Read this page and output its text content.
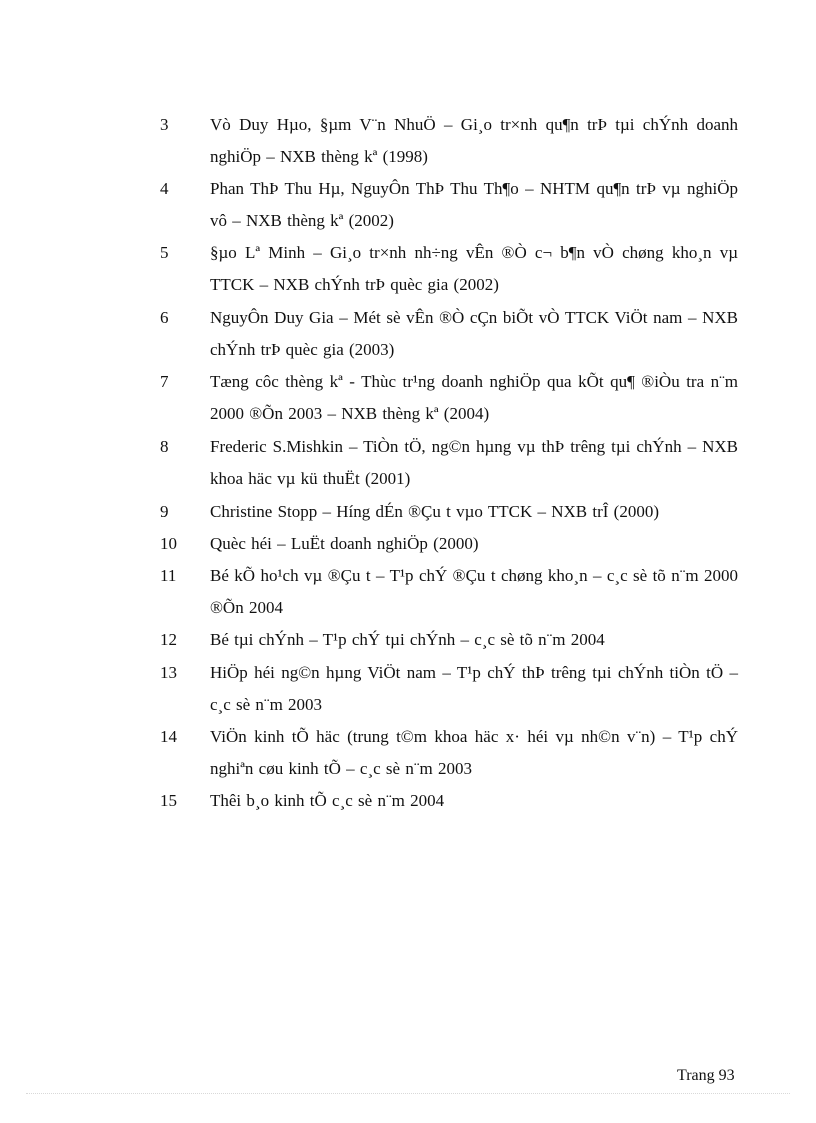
3 Vò Duy Hµo, §µm V¨n NhuÖ – Gi¸o tr×nh qu¶n trÞ tµi chÝnh doanh nghiÖp – NXB thèng kª (1998)
4 Phan ThÞ Thu Hµ, NguyÔn ThÞ Thu Th¶o – NHTM qu¶n trÞ vµ nghiÖp vô – NXB thèng kª (2002)
5 §µo Lª Minh – Gi¸o tr×nh nh÷ng vÊn ®Ò c¬ b¶n vÒ chøng kho¸n vµ TTCK – NXB chÝnh trÞ quèc gia (2002)
6 NguyÔn Duy Gia – Mét sè vÊn ®Ò cÇn biÕt vÒ TTCK ViÖt nam – NXB chÝnh trÞ quèc gia (2003)
7 Tæng côc thèng kª - Thùc tr¹ng doanh nghiÖp qua kÕt qu¶ ®iÒu tra n¨m 2000 ®Õn 2003 – NXB thèng kª (2004)
8 Frederic S.Mishkin – TiÒn tÖ, ng©n hµng vµ thÞ trêng tµi chÝnh – NXB khoa häc vµ kü thuËt (2001)
9 Christine Stopp – Híng dÉn ®Çu t vµo TTCK – NXB trÎ (2000)
10 Quèc héi – LuËt doanh nghiÖp (2000)
11 Bé kÕ ho¹ch vµ ®Çu t – T¹p chÝ ®Çu t chøng kho¸n – c¸c sè tõ n¨m 2000 ®Õn 2004
12 Bé tµi chÝnh – T¹p chÝ tµi chÝnh – c¸c sè tõ n¨m 2004
13 HiÖp héi ng©n hµng ViÖt nam – T¹p chÝ thÞ trêng tµi chÝnh tiÒn tÖ – c¸c sè n¨m 2003
14 ViÖn kinh tÕ häc (trung t©m khoa häc x· héi vµ nh©n v¨n) – T¹p chÝ nghiªn cøu kinh tÕ – c¸c sè n¨m 2003
15 Thêi b¸o kinh tÕ c¸c sè n¨m 2004
Trang 93
